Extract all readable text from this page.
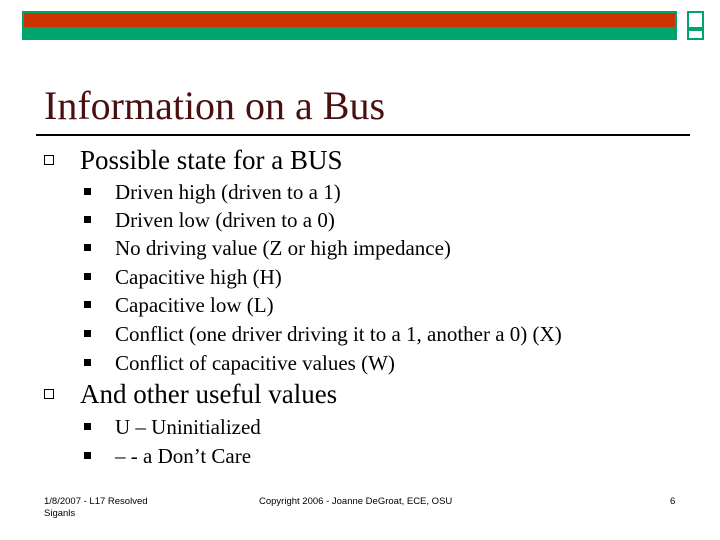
Information on a Bus
Possible state for a BUS
Driven high (driven to a 1)
Driven low (driven to a 0)
No driving value (Z or high impedance)
Capacitive high (H)
Capacitive low (L)
Conflict (one driver driving it to a 1, another a 0) (X)
Conflict of capacitive values (W)
And other useful values
U – Uninitialized
– - a Don’t Care
1/8/2007 - L17 Resolved
Siganls
Copyright 2006 - Joanne DeGroat, ECE, OSU	6
